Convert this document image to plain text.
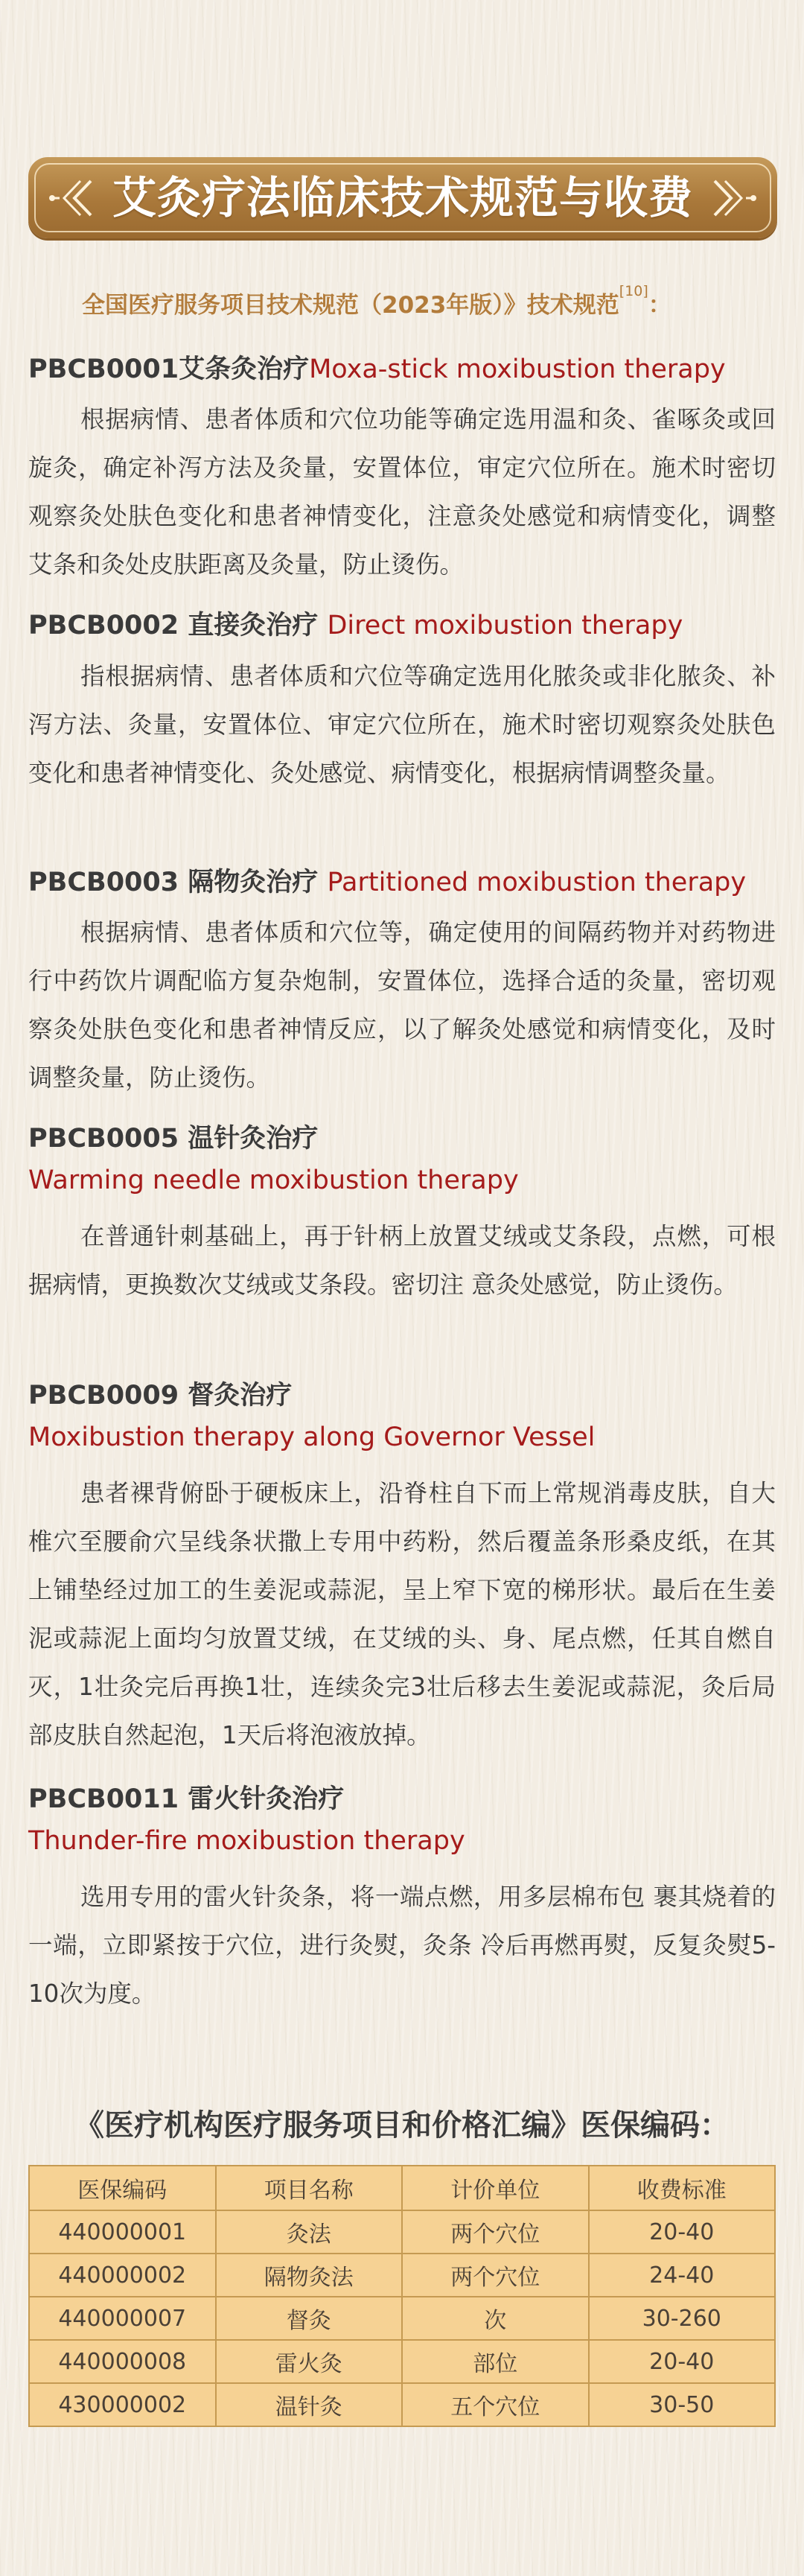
艾灸疗法临床技术规范与收费
全国医疗服务项目技术规范（2023年版）》技术规范[10]：
PBCB0001艾条灸治疗Moxa-stick moxibustion therapy
根据病情、患者体质和穴位功能等确定选用温和灸、雀啄灸或回旋灸，确定补泻方法及灸量，安置体位，审定穴位所在。施术时密切观察灸处肤色变化和患者神情变化，注意灸处感觉和病情变化，调整艾条和灸处皮肤距离及灸量，防止烫伤。
PBCB0002 直接灸治疗 Direct moxibustion therapy
指根据病情、患者体质和穴位等确定选用化脓灸或非化脓灸、补泻方法、灸量，安置体位、审定穴位所在，施术时密切观察灸处肤色变化和患者神情变化、灸处感觉、病情变化，根据病情调整灸量。
PBCB0003 隔物灸治疗 Partitioned moxibustion therapy
根据病情、患者体质和穴位等，确定使用的间隔药物并对药物进行中药饮片调配临方复杂炮制，安置体位，选择合适的灸量，密切观察灸处肤色变化和患者神情反应，以了解灸处感觉和病情变化，及时调整灸量，防止烫伤。
PBCB0005 温针灸治疗
Warming needle moxibustion therapy
在普通针刺基础上，再于针柄上放置艾绒或艾条段，点燃，可根据病情，更换数次艾绒或艾条段。密切注 意灸处感觉，防止烫伤。
PBCB0009 督灸治疗
Moxibustion therapy along Governor Vessel
患者裸背俯卧于硬板床上，沿脊柱自下而上常规消毒皮肤，自大椎穴至腰俞穴呈线条状撒上专用中药粉，然后覆盖条形桑皮纸，在其上铺垫经过加工的生姜泥或蒜泥，呈上窄下宽的梯形状。最后在生姜泥或蒜泥上面均匀放置艾绒，在艾绒的头、身、尾点燃，任其自燃自灭，1壮灸完后再换1壮，连续灸完3壮后移去生姜泥或蒜泥，灸后局部皮肤自然起泡，1天后将泡液放掉。
PBCB0011 雷火针灸治疗
Thunder-fire moxibustion therapy
选用专用的雷火针灸条，将一端点燃，用多层棉布包 裹其烧着的一端，立即紧按于穴位，进行灸熨，灸条 冷后再燃再熨，反复灸熨5-10次为度。
《医疗机构医疗服务项目和价格汇编》医保编码：
医保编码	项目名称	计价单位	收费标准
440000001	灸法	两个穴位	20-40
440000002	隔物灸法	两个穴位	24-40
440000007	督灸	次	30-260
440000008	雷火灸	部位	20-40
430000002	温针灸	五个穴位	30-50
